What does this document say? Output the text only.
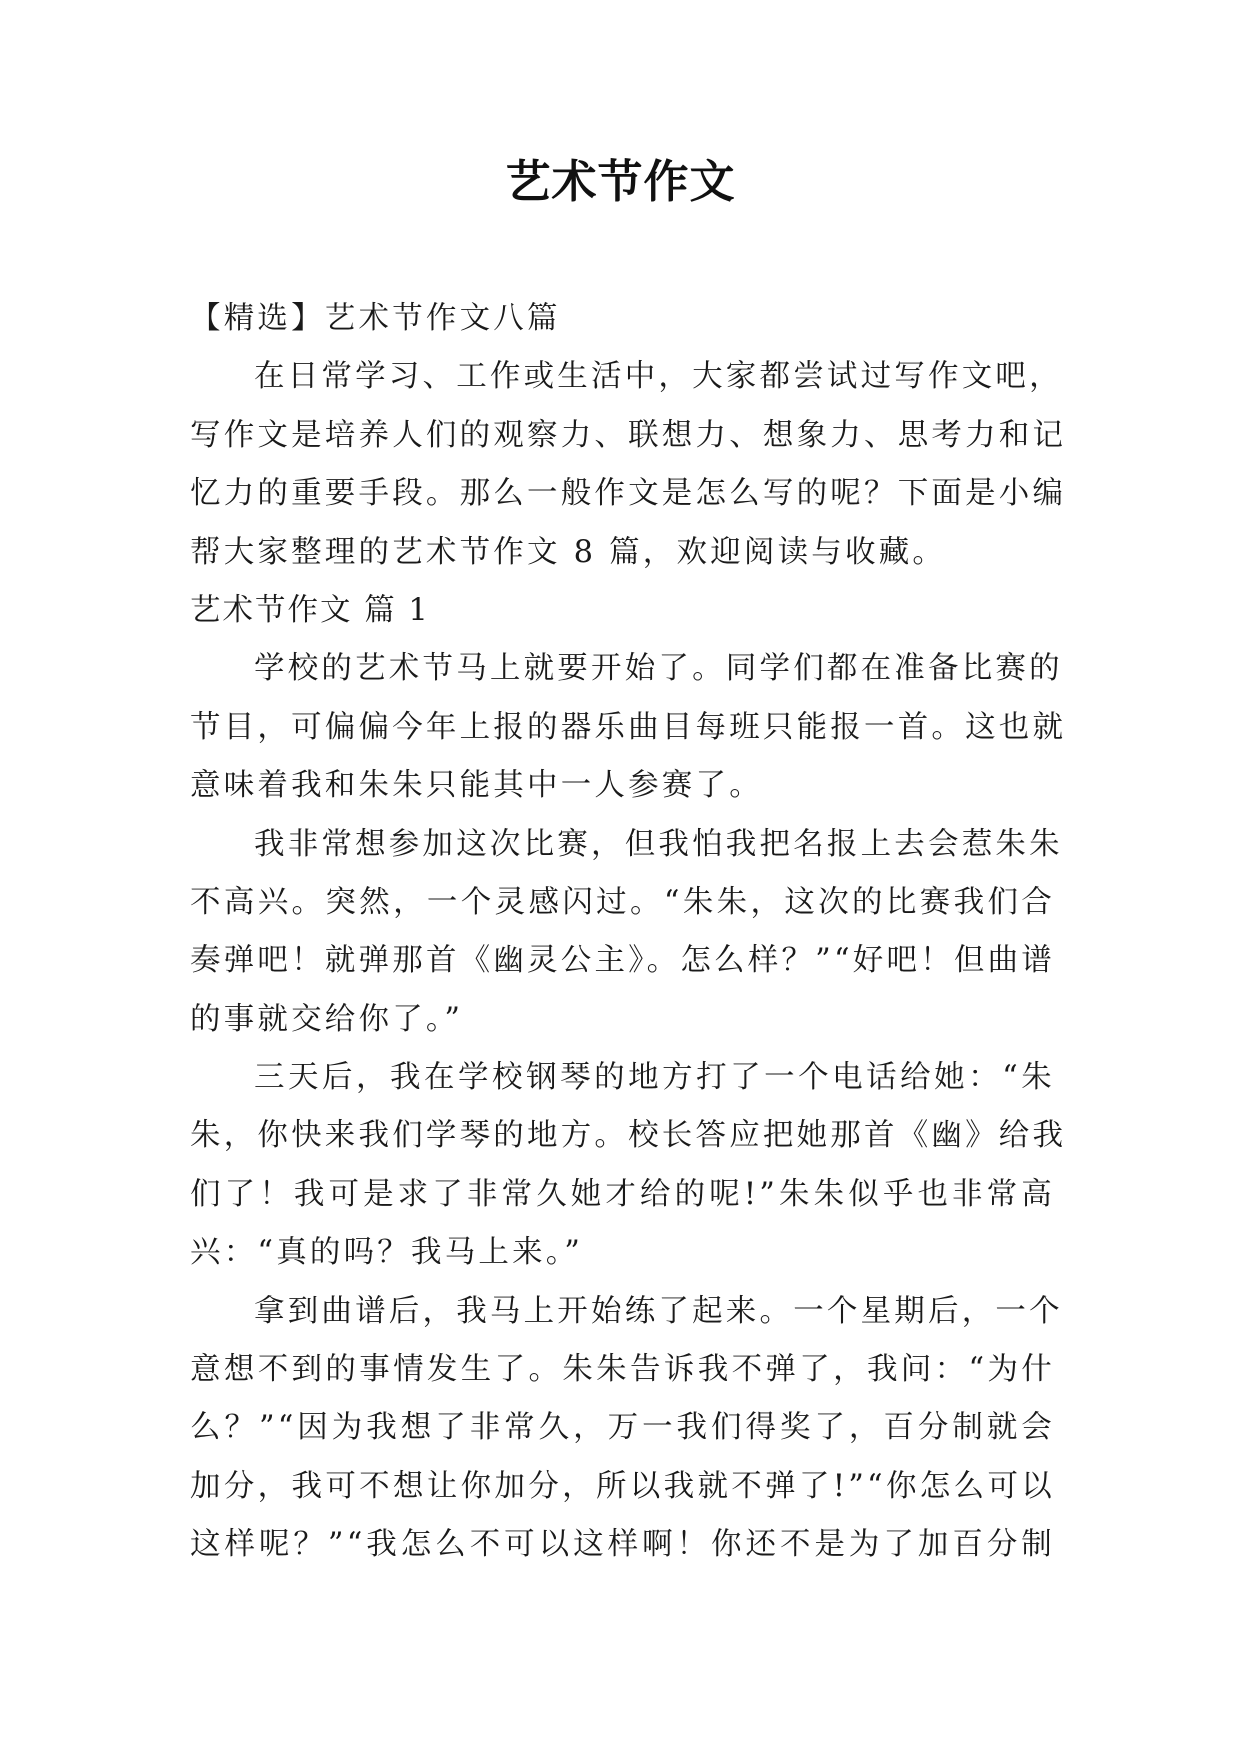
艺术节作文
【精选】艺术节作文八篇
在日常学习、工作或生活中，大家都尝试过写作文吧，
写作文是培养人们的观察力、联想力、想象力、思考力和记
忆力的重要手段。那么一般作文是怎么写的呢？下面是小编
帮大家整理的艺术节作文 8 篇，欢迎阅读与收藏。
艺术节作文 篇 1
学校的艺术节马上就要开始了。同学们都在准备比赛的
节目，可偏偏今年上报的器乐曲目每班只能报一首。这也就
意味着我和朱朱只能其中一人参赛了。
我非常想参加这次比赛，但我怕我把名报上去会惹朱朱
不高兴。突然，一个灵感闪过。“朱朱，这次的比赛我们合
奏弹吧！就弹那首《幽灵公主》。怎么样？”“好吧！但曲谱
的事就交给你了。”
三天后，我在学校钢琴的地方打了一个电话给她：“朱
朱，你快来我们学琴的地方。校长答应把她那首《幽》给我
们了！我可是求了非常久她才给的呢!”朱朱似乎也非常高
兴：“真的吗？我马上来。”
拿到曲谱后，我马上开始练了起来。一个星期后，一个
意想不到的事情发生了。朱朱告诉我不弹了，我问：“为什
么？”“因为我想了非常久，万一我们得奖了，百分制就会
加分，我可不想让你加分，所以我就不弹了!”“你怎么可以
这样呢？”“我怎么不可以这样啊！你还不是为了加百分制
